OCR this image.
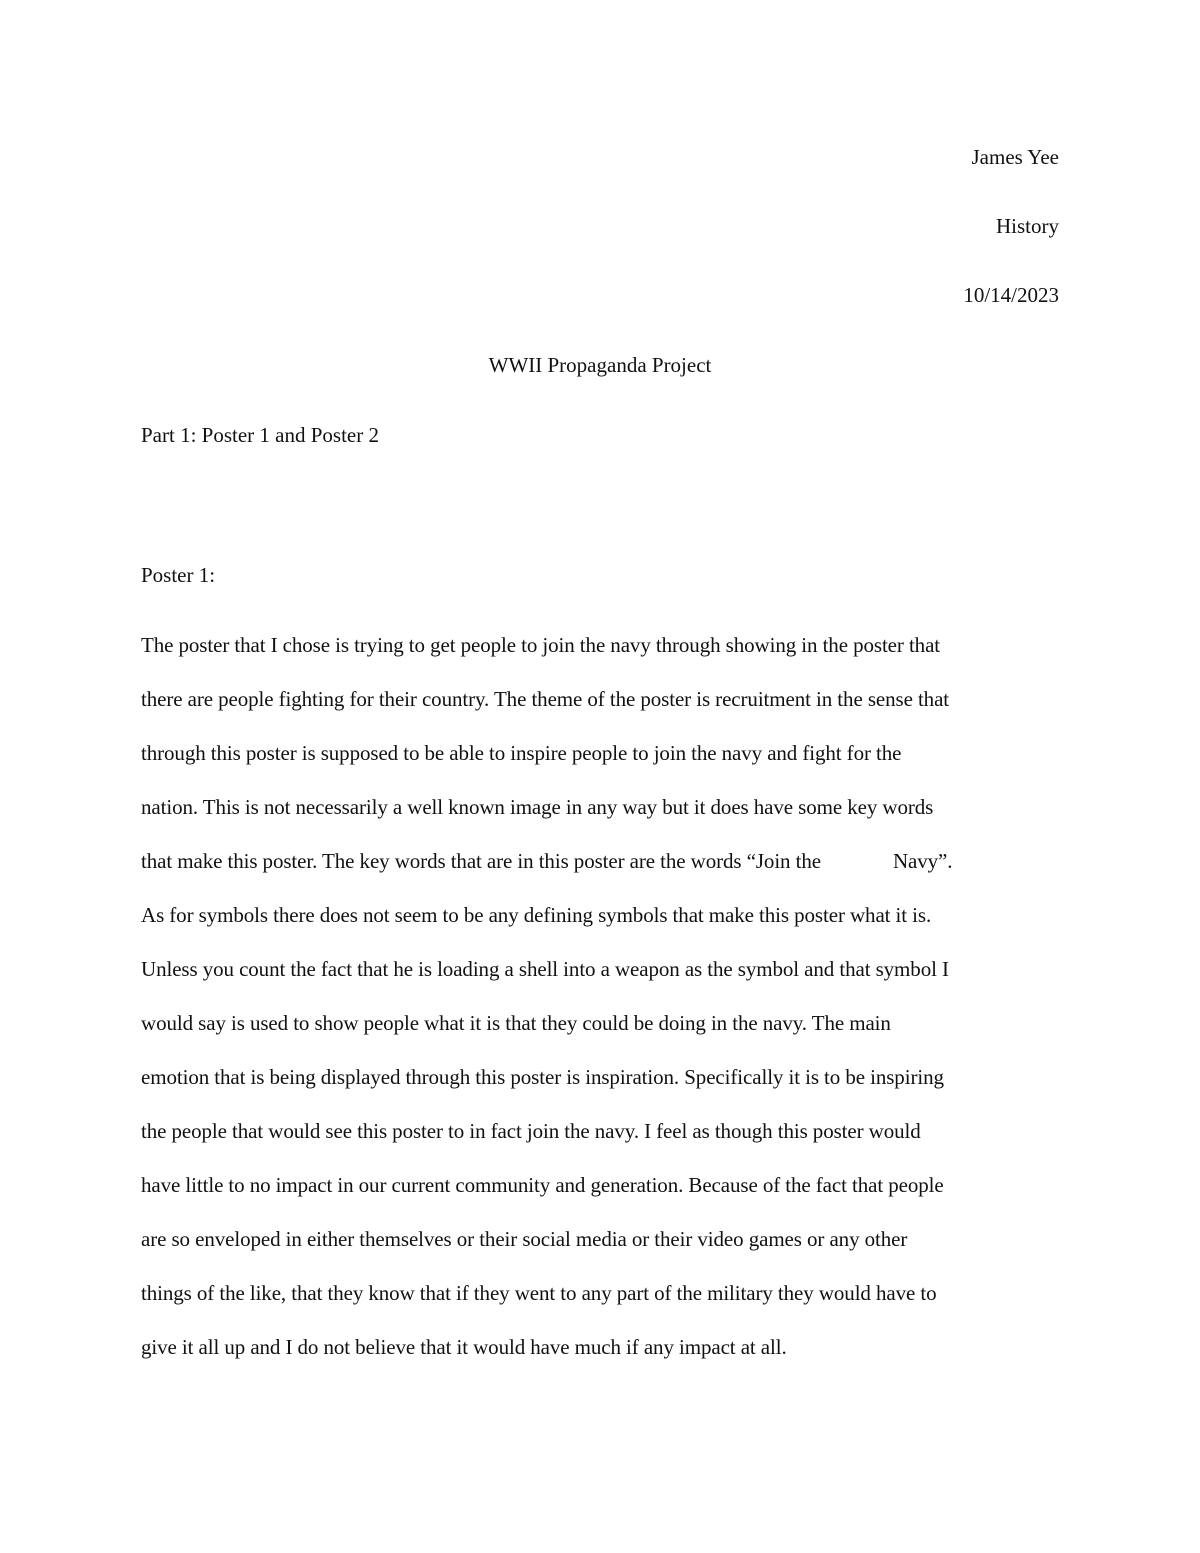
James Yee
History
10/14/2023
WWII Propaganda Project
Part 1: Poster 1 and Poster 2
Poster 1:
The poster that I chose is trying to get people to join the navy through showing in the poster that
there are people fighting for their country. The theme of the poster is recruitment in the sense that
through this poster is supposed to be able to inspire people to join the navy and fight for the
nation. This is not necessarily a well known image in any way but it does have some key words
that make this poster. The key words that are in this poster are the words “Join the	Navy”.
As for symbols there does not seem to be any defining symbols that make this poster what it is.
Unless you count the fact that he is loading a shell into a weapon as the symbol and that symbol I
would say is used to show people what it is that they could be doing in the navy. The main
emotion that is being displayed through this poster is inspiration. Specifically it is to be inspiring
the people that would see this poster to in fact join the navy. I feel as though this poster would
have little to no impact in our current community and generation. Because of the fact that people
are so enveloped in either themselves or their social media or their video games or any other
things of the like, that they know that if they went to any part of the military they would have to
give it all up and I do not believe that it would have much if any impact at all.
